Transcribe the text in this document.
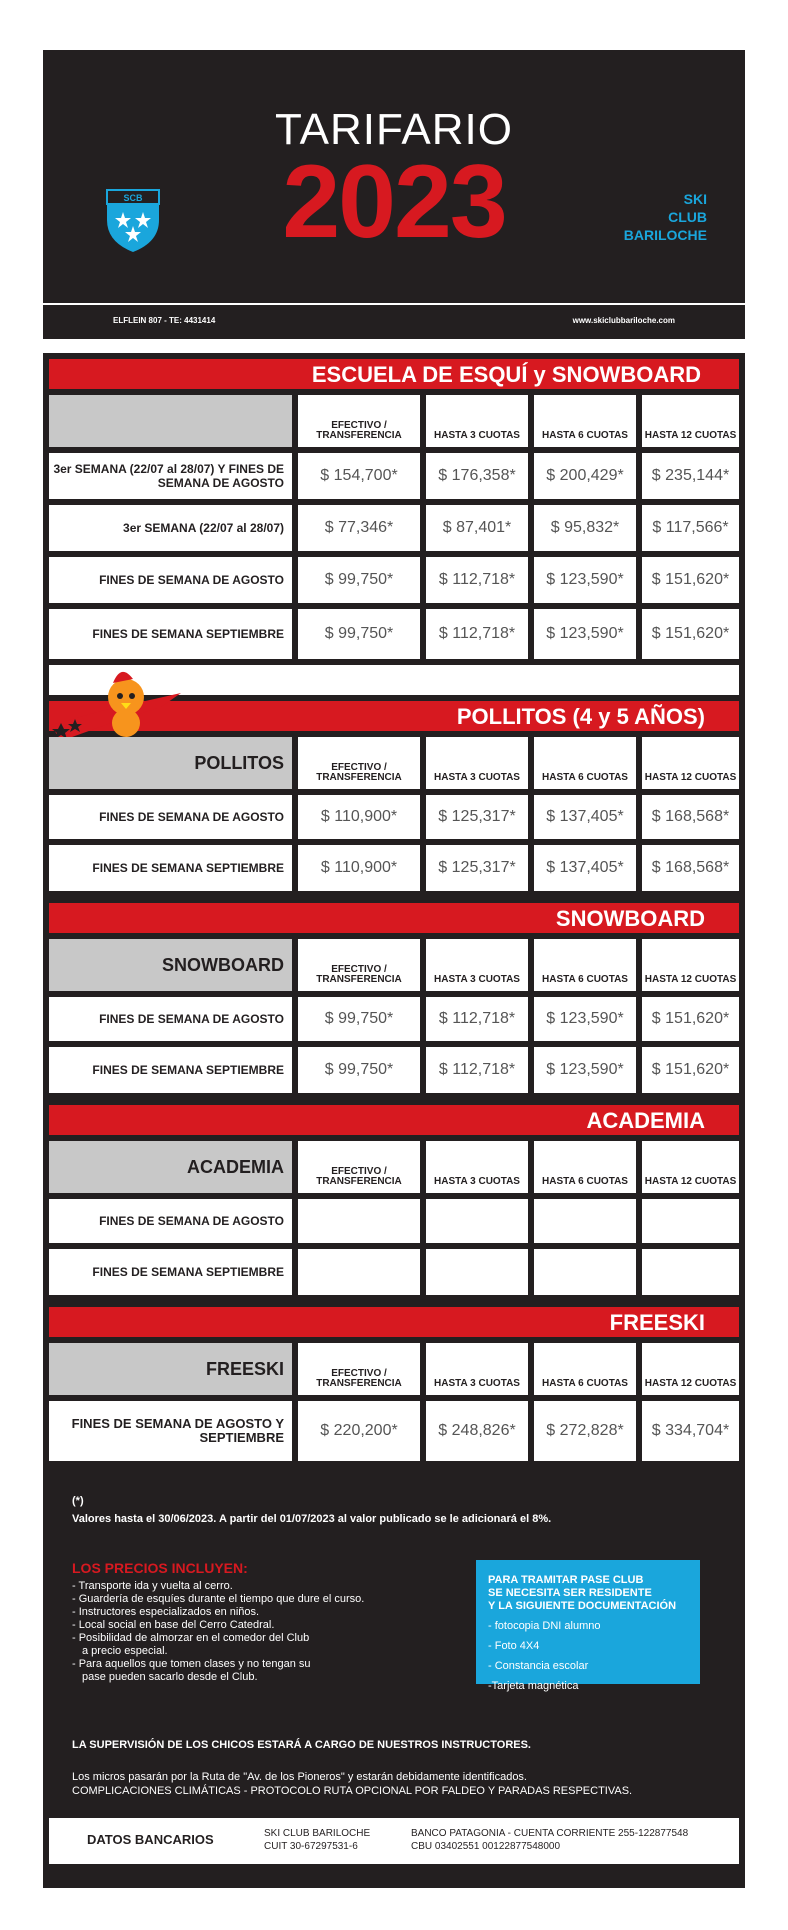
TARIFARIO
2023
SCB	SKI
CLUB
BARILOCHE
ELFLEIN 807 - TE: 4431414	www.skiclubbariloche.com
ESCUELA DE ESQUÍ y SNOWBOARD
EFECTIVO / TRANSFERENCIA	HASTA 3 CUOTAS	HASTA 6 CUOTAS	HASTA 12 CUOTAS
3er SEMANA (22/07 al 28/07) Y FINES DE SEMANA DE AGOSTO	$ 154,700*	$ 176,358*	$ 200,429*	$ 235,144*
3er SEMANA (22/07 al 28/07)	$ 77,346*	$ 87,401*	$ 95,832*	$ 117,566*
FINES DE SEMANA DE AGOSTO	$ 99,750*	$ 112,718*	$ 123,590*	$ 151,620*
FINES DE SEMANA SEPTIEMBRE	$ 99,750*	$ 112,718*	$ 123,590*	$ 151,620*
POLLITOS (4 y 5 AÑOS)
POLLITOS	EFECTIVO / TRANSFERENCIA	HASTA 3 CUOTAS	HASTA 6 CUOTAS	HASTA 12 CUOTAS
FINES DE SEMANA DE AGOSTO	$ 110,900*	$ 125,317*	$ 137,405*	$ 168,568*
FINES DE SEMANA SEPTIEMBRE	$ 110,900*	$ 125,317*	$ 137,405*	$ 168,568*
SNOWBOARD
SNOWBOARD	EFECTIVO / TRANSFERENCIA	HASTA 3 CUOTAS	HASTA 6 CUOTAS	HASTA 12 CUOTAS
FINES DE SEMANA DE AGOSTO	$ 99,750*	$ 112,718*	$ 123,590*	$ 151,620*
FINES DE SEMANA SEPTIEMBRE	$ 99,750*	$ 112,718*	$ 123,590*	$ 151,620*
ACADEMIA
ACADEMIA	EFECTIVO / TRANSFERENCIA	HASTA 3 CUOTAS	HASTA 6 CUOTAS	HASTA 12 CUOTAS
FINES DE SEMANA DE AGOSTO
FINES DE SEMANA SEPTIEMBRE
FREESKI
FREESKI	EFECTIVO / TRANSFERENCIA	HASTA 3 CUOTAS	HASTA 6 CUOTAS	HASTA 12 CUOTAS
FINES DE SEMANA DE AGOSTO Y SEPTIEMBRE	$ 220,200*	$ 248,826*	$ 272,828*	$ 334,704*
(*)
Valores hasta el 30/06/2023. A partir del 01/07/2023 al valor publicado se le adicionará el 8%.
LOS PRECIOS INCLUYEN:
- Transporte ida y vuelta al cerro.
- Guardería de esquíes durante el tiempo que dure el curso.
- Instructores especializados en niños.
- Local social en base del Cerro Catedral.
- Posibilidad de almorzar en el comedor del Club
a precio especial.
- Para aquellos que tomen clases y no tengan su
pase pueden sacarlo desde el Club.
PARA TRAMITAR PASE CLUB
SE NECESITA SER RESIDENTE
Y LA SIGUIENTE DOCUMENTACIÓN
- fotocopia DNI alumno
- Foto 4X4
- Constancia escolar
-Tarjeta magnética
LA SUPERVISIÓN DE LOS CHICOS ESTARÁ A CARGO DE NUESTROS INSTRUCTORES.
Los micros pasarán por la Ruta de "Av. de los Pioneros" y estarán debidamente identificados.
COMPLICACIONES CLIMÁTICAS - PROTOCOLO RUTA OPCIONAL POR FALDEO Y PARADAS RESPECTIVAS.
DATOS BANCARIOS	SKI CLUB BARILOCHE
CUIT 30-67297531-6
BANCO PATAGONIA - CUENTA CORRIENTE 255-122877548
CBU 03402551 00122877548000
